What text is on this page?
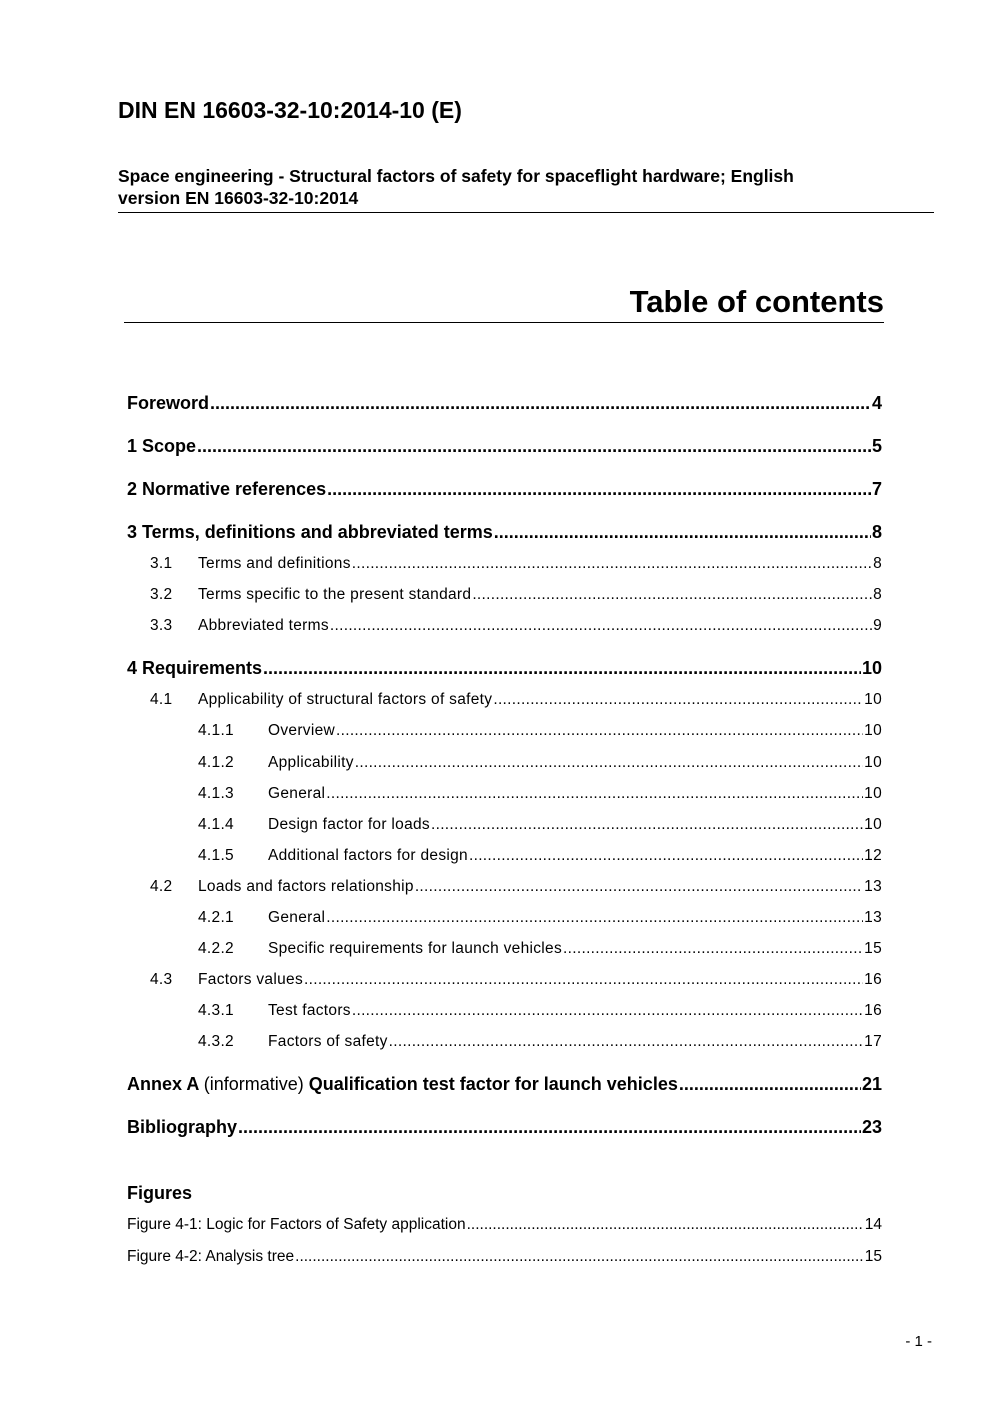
DIN EN 16603-32-10:2014-10 (E)
Space engineering - Structural factors of safety for spaceflight hardware; English
version EN 16603-32-10:2014
Table of contents
Foreword .....	4
1 Scope .....	5
2 Normative references .....	7
3 Terms, definitions and abbreviated terms .....	8
3.1 Terms and definitions .....	8
3.2 Terms specific to the present standard .....	8
3.3 Abbreviated terms .....	9
4 Requirements .....	10
4.1 Applicability of structural factors of safety .....	10
4.1.1 Overview .....	10
4.1.2 Applicability .....	10
4.1.3 General .....	10
4.1.4 Design factor for loads .....	10
4.1.5 Additional factors for design .....	12
4.2 Loads and factors relationship .....	13
4.2.1 General .....	13
4.2.2 Specific requirements for launch vehicles .....	15
4.3 Factors values .....	16
4.3.1 Test factors .....	16
4.3.2 Factors of safety .....	17
Annex A (informative) Qualification test factor for launch vehicles .....	21
Bibliography .....	23
Figures
Figure 4-1: Logic for Factors of Safety application .....	14
Figure 4-2: Analysis tree .....	15
- 1 -
